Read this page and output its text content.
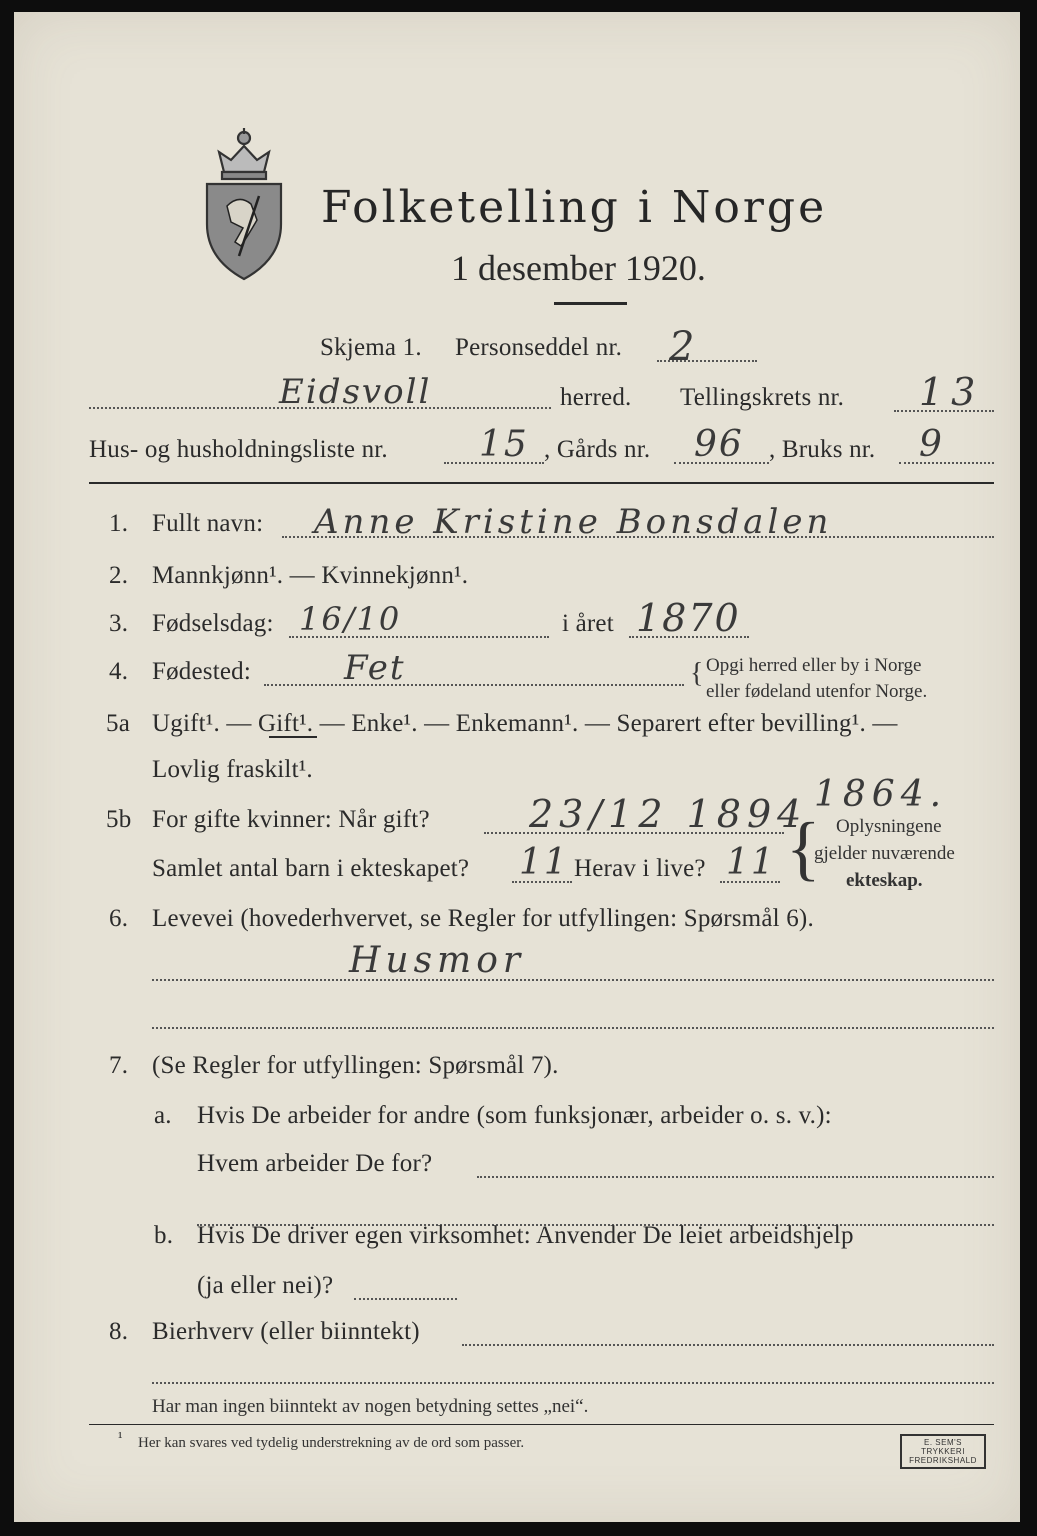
Folketelling i Norge
1 desember 1920.
Skjema 1. Personseddel nr. 2
Eidsvoll	herred. Tellingskrets nr. 13
Hus- og husholdningsliste nr.	15 , Gårds nr. 96 , Bruks nr. 9
1. Fullt navn: Anne Kristine Bonsdalen
2. Mannkjønn¹. — Kvinnekjønn¹.
3. Fødselsdag: 16/10	i året 1870
4. Fødested:	Fet	{ Opgi herred eller by i Norge
eller fødeland utenfor Norge.
5a Ugift¹. — Gift¹. — Enke¹. — Enkemann¹. — Separert efter bevilling¹. —
Lovlig fraskilt¹.
5b For gifte kvinner: Når gift?	23/12 1894 1864.
Samlet antal barn i ekteskapet? 11 Herav i live? 11 { Oplysningene
gjelder nuværende
ekteskap.
6. Levevei (hovederhvervet, se Regler for utfyllingen: Spørsmål 6).
Husmor
7. (Se Regler for utfyllingen: Spørsmål 7).
a. Hvis De arbeider for andre (som funksjonær, arbeider o. s. v.):
Hvem arbeider De for?
b. Hvis De driver egen virksomhet: Anvender De leiet arbeidshjelp
(ja eller nei)?
8. Bierhverv (eller biinntekt)
Har man ingen biinntekt av nogen betydning settes „nei“.
¹ Her kan svares ved tydelig understrekning av de ord som passer.	E. SEM'S TRYKKERI FREDRIKSHALD
